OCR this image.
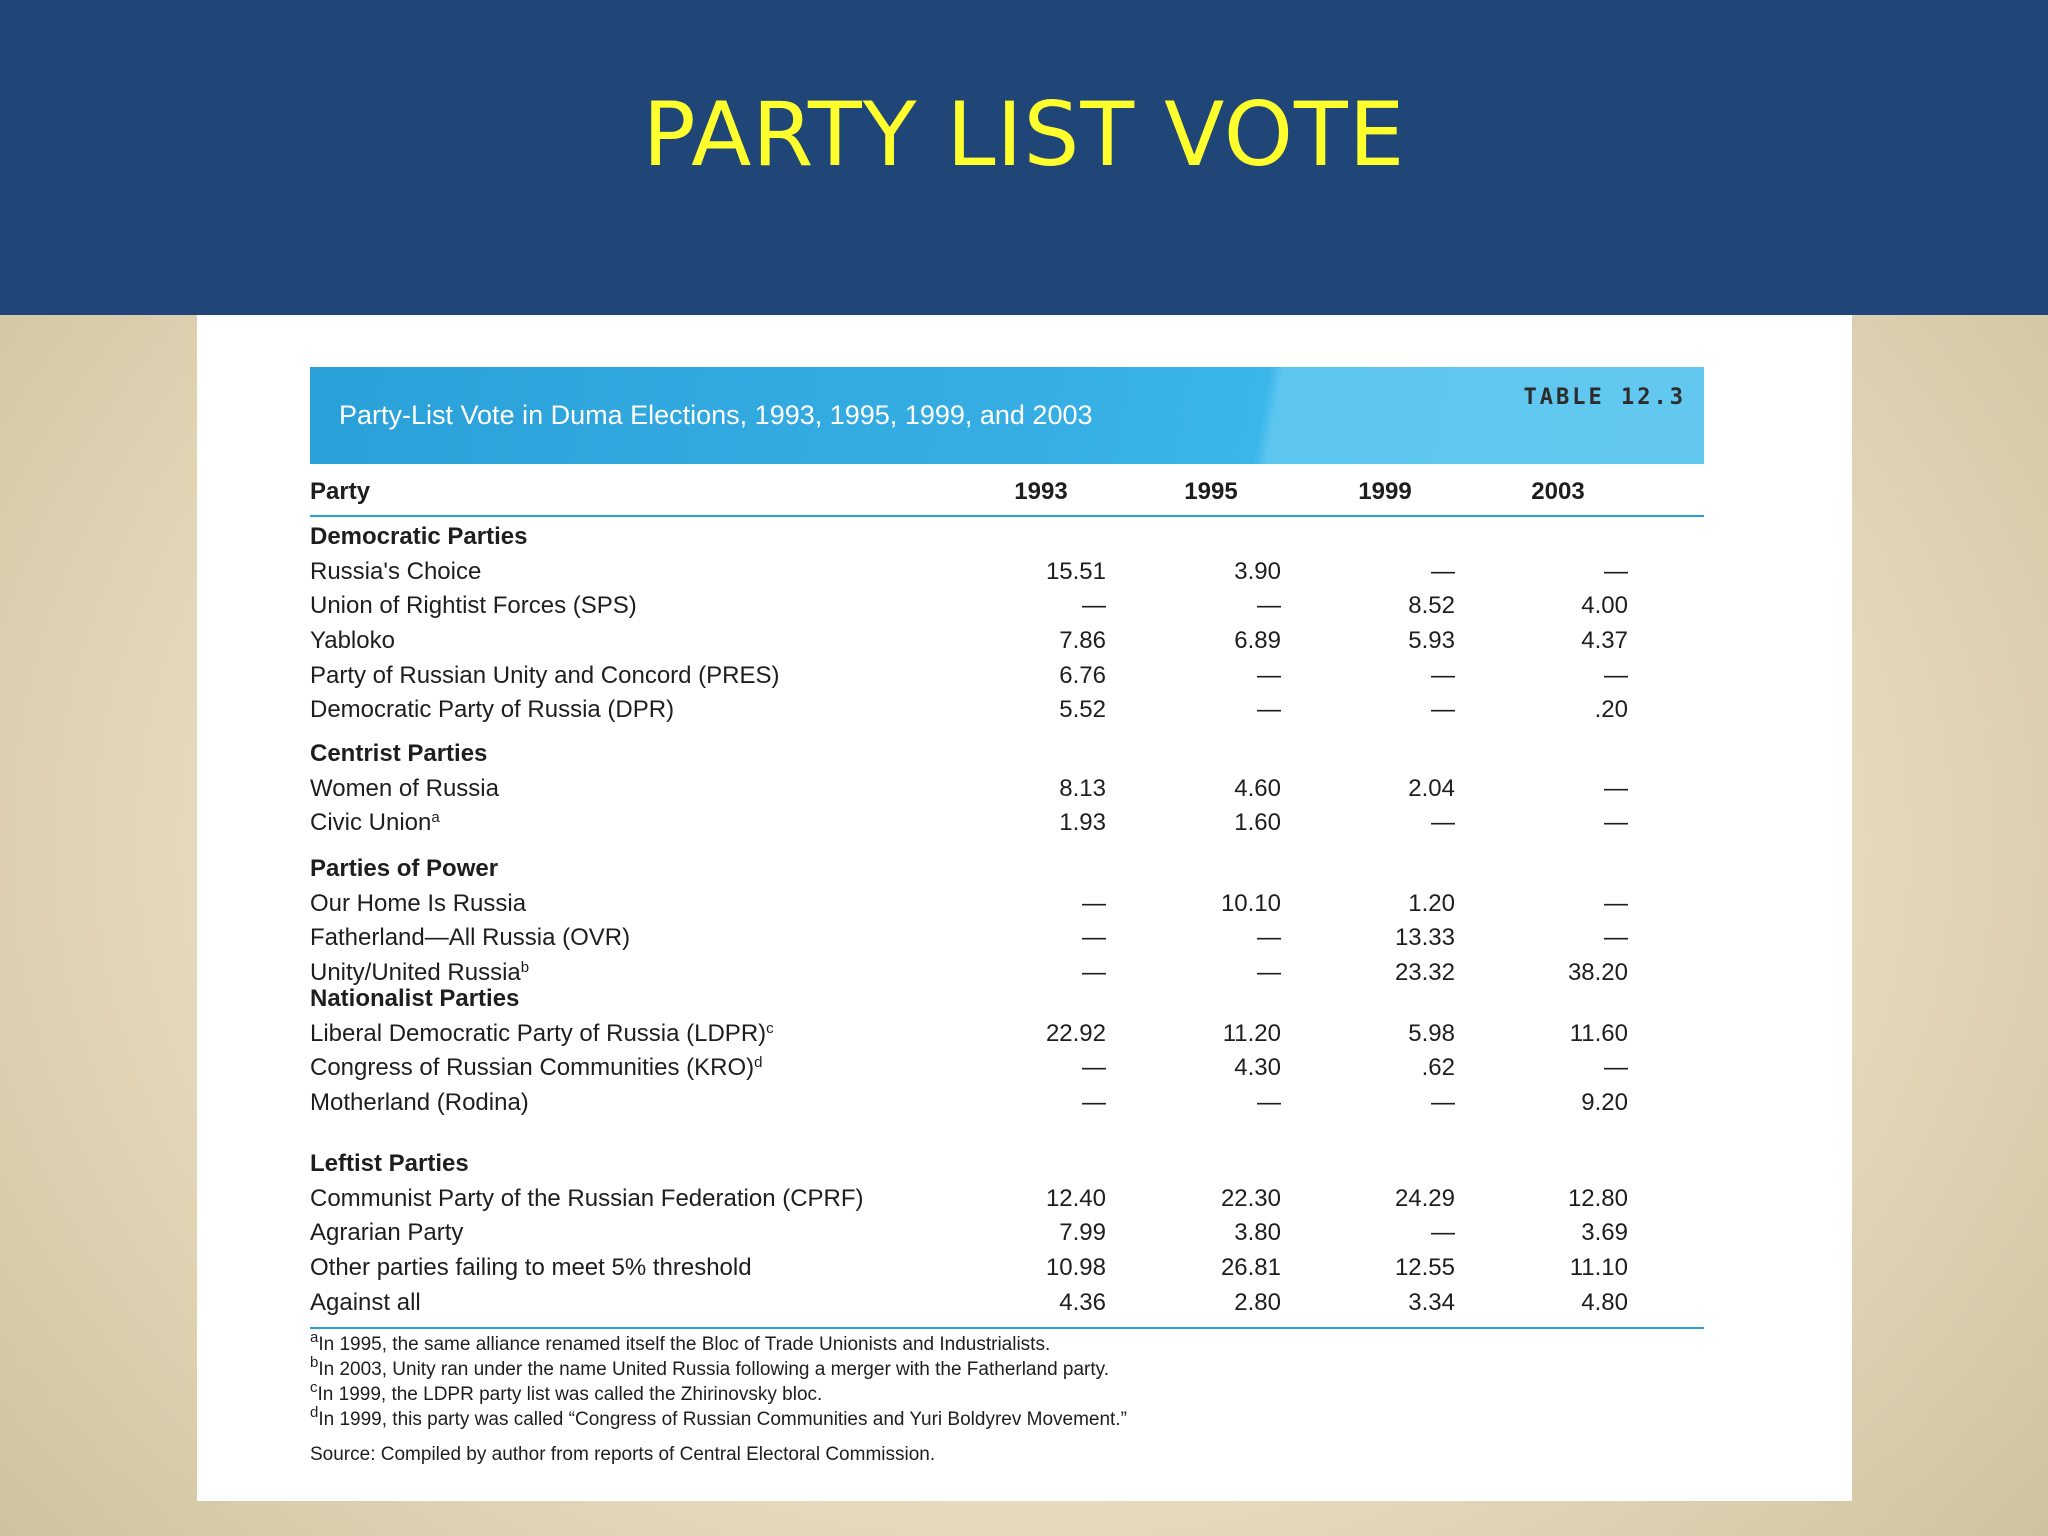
PARTY LIST VOTE
Party-List Vote in Duma Elections, 1993, 1995, 1999, and 2003
TABLE 12.3
Party	1993	1995	1999	2003
Democratic Parties
Russia's Choice	15.51	3.90	—	—
Union of Rightist Forces (SPS)	—	—	8.52	4.00
Yabloko	7.86	6.89	5.93	4.37
Party of Russian Unity and Concord (PRES)	6.76	—	—	—
Democratic Party of Russia (DPR)	5.52	—	—	.20
Centrist Parties
Women of Russia	8.13	4.60	2.04	—
Civic Union$^a$	1.93	1.60	—	—
Parties of Power
Our Home Is Russia	—	10.10	1.20	—
Fatherland—All Russia (OVR)	—	—	13.33	—
Unity/United Russia$^b$	—	—	23.32	38.20
Nationalist Parties
Liberal Democratic Party of Russia (LDPR)$^c$	22.92	11.20	5.98	11.60
Congress of Russian Communities (KRO)$^d$	—	4.30	.62	—
Motherland (Rodina)	—	—	—	9.20
Leftist Parties
Communist Party of the Russian Federation (CPRF)	12.40	22.30	24.29	12.80
Agrarian Party	7.99	3.80	—	3.69
Other parties failing to meet 5% threshold	10.98	26.81	12.55	11.10
Against all	4.36	2.80	3.34	4.80
$^a$In 1995, the same alliance renamed itself the Bloc of Trade Unionists and Industrialists.
$^b$In 2003, Unity ran under the name United Russia following a merger with the Fatherland party.
$^c$In 1999, the LDPR party list was called the Zhirinovsky bloc.
$^d$In 1999, this party was called “Congress of Russian Communities and Yuri Boldyrev Movement.”
Source: Compiled by author from reports of Central Electoral Commission.
